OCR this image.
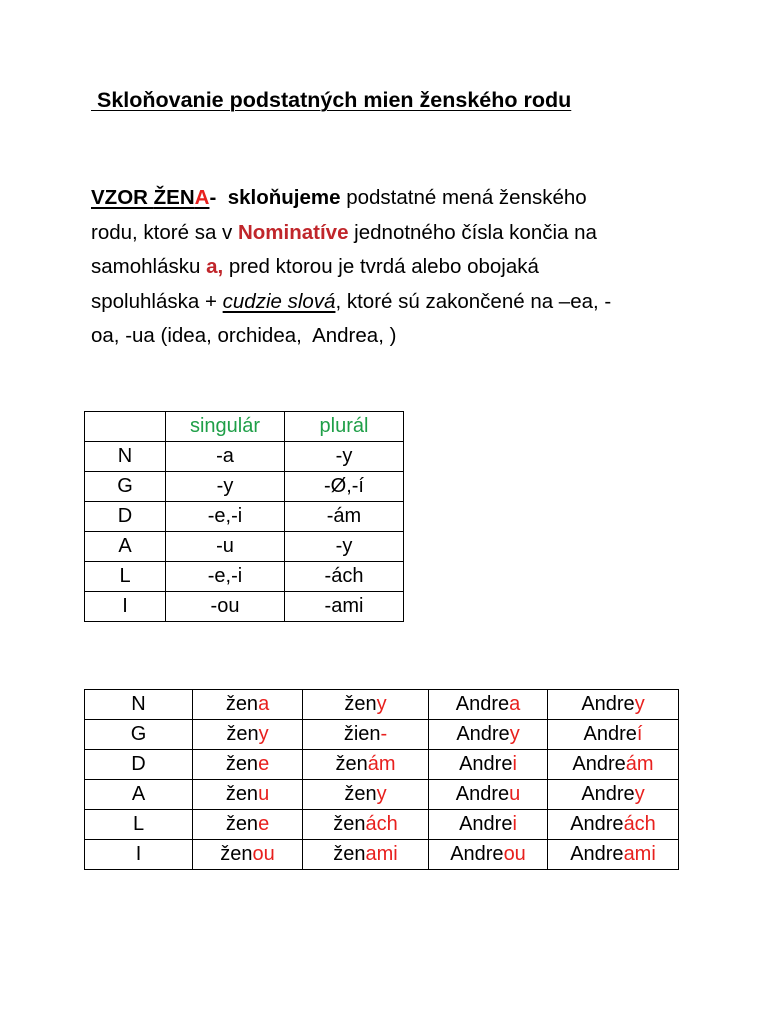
Skloňovanie podstatných mien ženského rodu
VZOR ŽENA-  skloňujeme podstatné mená ženského
rodu, ktoré sa v Nominatíve jednotného čísla končia na
samohlásku a, pred ktorou je tvrdá alebo obojaká
spoluhláska + cudzie slová, ktoré sú zakončené na –ea, -
oa, -ua (idea, orchidea,  Andrea, )
	singulár	plurál
N	-a	-y
G	-y	-Ø,-í
D	-e,-i	-ám
A	-u	-y
L	-e,-i	-ách
I	-ou	-ami
N	žena	ženy	Andrea	Andrey
G	ženy	žien-	Andrey	Andreí
D	žene	ženám	Andrei	Andreám
A	ženu	ženy	Andreu	Andrey
L	žene	ženách	Andrei	Andreách
I	ženou	ženami	Andreou	Andreami
